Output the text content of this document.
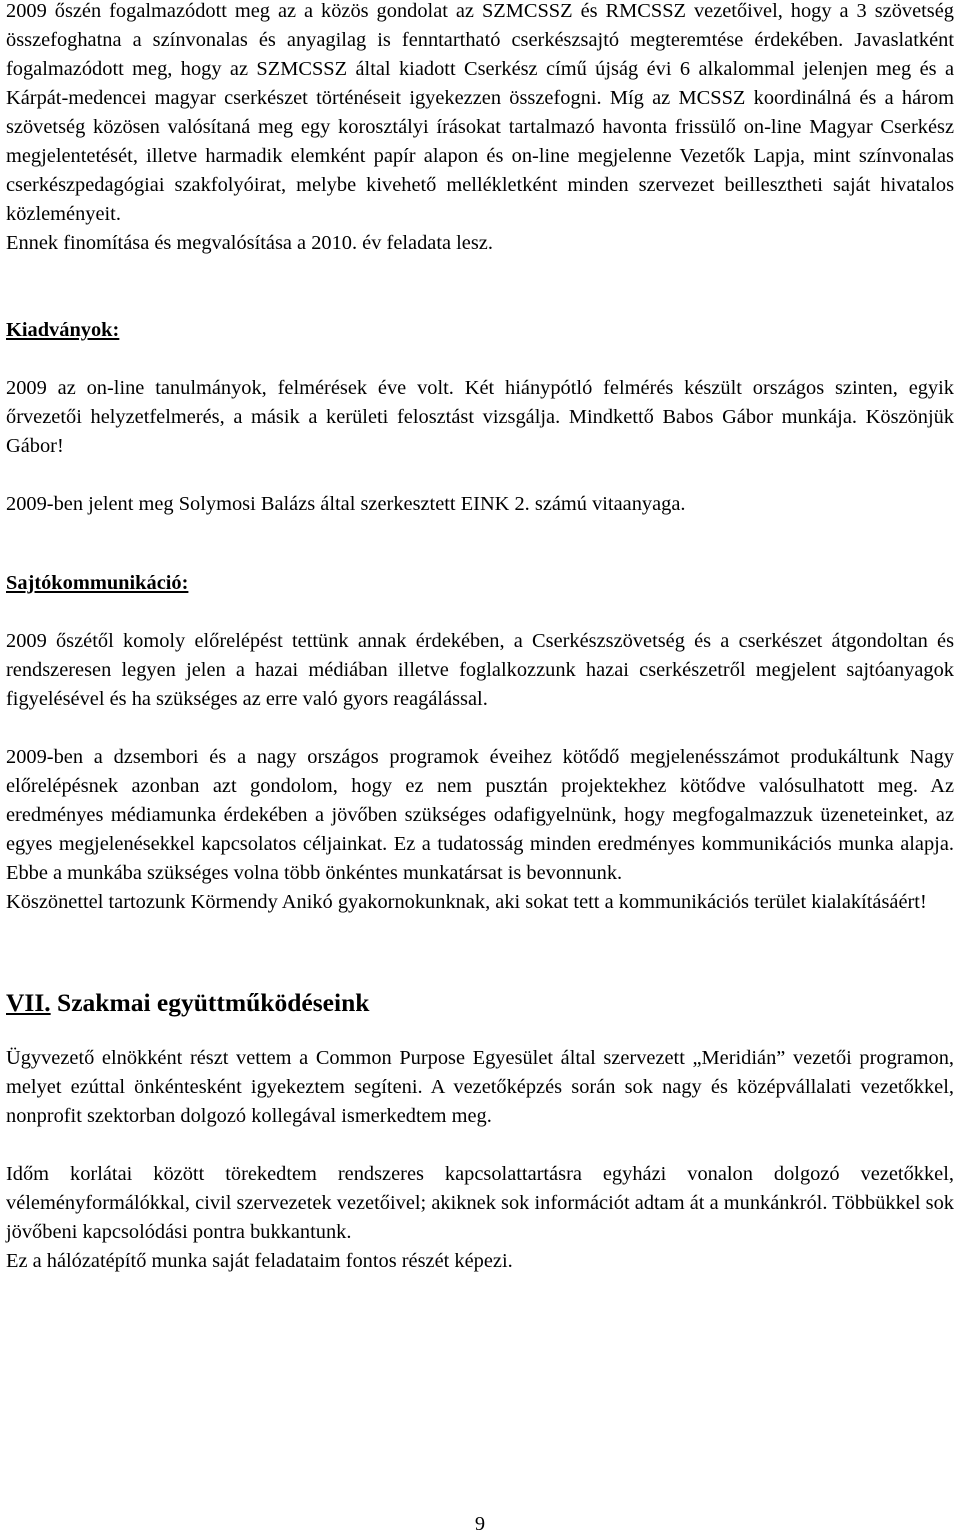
2009 őszén fogalmazódott meg az a közös gondolat az SZMCSSZ és RMCSSZ vezetőivel, hogy a 3 szövetség összefoghatna a színvonalas és anyagilag is fenntartható cserkészsajtó megteremtése érdekében. Javaslatként fogalmazódott meg, hogy az SZMCSSZ által kiadott Cserkész című újság évi 6 alkalommal jelenjen meg és a Kárpát-medencei magyar cserkészet történéseit igyekezzen összefogni. Míg az MCSSZ koordinálná és a három szövetség közösen valósítaná meg egy korosztályi írásokat tartalmazó havonta frissülő on-line Magyar Cserkész megjelentetését, illetve harmadik elemként papír alapon és on-line megjelenne Vezetők Lapja, mint színvonalas cserkészpedagógiai szakfolyóirat, melybe kivehető mellékletként minden szervezet beillesztheti saját hivatalos közleményeit.

Ennek finomítása és megvalósítása a 2010. év feladata lesz.

Kiadványok:

2009 az on-line tanulmányok, felmérések éve volt. Két hiánypótló felmérés készült országos szinten, egyik őrvezetői helyzetfelmerés, a másik a kerületi felosztást vizsgálja. Mindkettő Babos Gábor munkája. Köszönjük Gábor!

2009-ben jelent meg Solymosi Balázs által szerkesztett EINK 2. számú vitaanyaga.

Sajtókommunikáció:

2009 őszétől komoly előrelépést tettünk annak érdekében, a Cserkészszövetség és a cserkészet átgondoltan és rendszeresen legyen jelen a hazai médiában illetve foglalkozzunk hazai cserkészetről megjelent sajtóanyagok figyelésével és ha szükséges az erre való gyors reagálással.

2009-ben a dzsembori és a nagy országos programok éveihez kötődő megjelenésszámot produkáltunk Nagy előrelépésnek azonban azt gondolom, hogy ez nem pusztán projektekhez kötődve valósulhatott meg. Az eredményes médiamunka érdekében a jövőben szükséges odafigyelnünk, hogy megfogalmazzuk üzeneteinket, az egyes megjelenésekkel kapcsolatos céljainkat. Ez a tudatosság minden eredményes kommunikációs munka alapja. Ebbe a munkába szükséges volna több önkéntes munkatársat is bevonnunk.

Köszönettel tartozunk Körmendy Anikó gyakornokunknak, aki sokat tett a kommunikációs terület kialakításáért!

VII. Szakmai együttműködéseink

Ügyvezető elnökként részt vettem a Common Purpose Egyesület által szervezett „Meridián” vezetői programon, melyet ezúttal önkéntesként igyekeztem segíteni. A vezetőképzés során sok nagy és középvállalati vezetőkkel, nonprofit szektorban dolgozó kollegával ismerkedtem meg.

Időm korlátai között törekedtem rendszeres kapcsolattartásra egyházi vonalon dolgozó vezetőkkel, véleményformálókkal, civil szervezetek vezetőivel; akiknek sok információt adtam át a munkánkról. Többükkel sok jövőbeni kapcsolódási pontra bukkantunk.

Ez a hálózatépítő munka saját feladataim fontos részét képezi.

9
